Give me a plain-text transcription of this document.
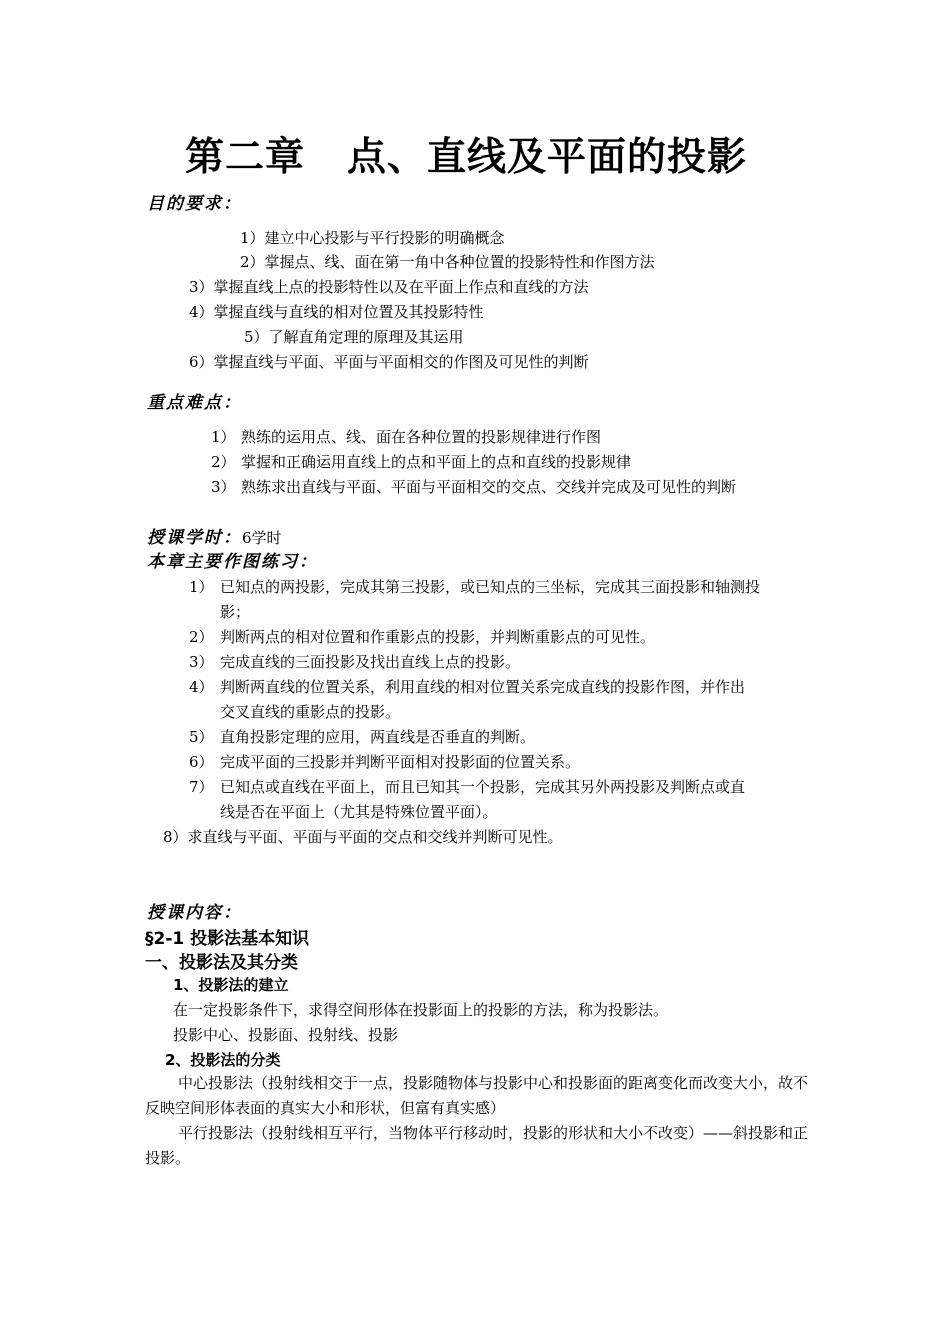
第二章 点、直线及平面的投影
目的要求：
1）建立中心投影与平行投影的明确概念
2）掌握点、线、面在第一角中各种位置的投影特性和作图方法
3）掌握直线上点的投影特性以及在平面上作点和直线的方法
4）掌握直线与直线的相对位置及其投影特性
5）了解直角定理的原理及其运用
6）掌握直线与平面、平面与平面相交的作图及可见性的判断
重点难点：
1） 熟练的运用点、线、面在各种位置的投影规律进行作图
2） 掌握和正确运用直线上的点和平面上的点和直线的投影规律
3） 熟练求出直线与平面、平面与平面相交的交点、交线并完成及可见性的判断
授课学时：6学时
本章主要作图练习：
1） 已知点的两投影，完成其第三投影，或已知点的三坐标，完成其三面投影和轴测投
影；
2） 判断两点的相对位置和作重影点的投影，并判断重影点的可见性。
3） 完成直线的三面投影及找出直线上点的投影。
4） 判断两直线的位置关系，利用直线的相对位置关系完成直线的投影作图，并作出
交叉直线的重影点的投影。
5） 直角投影定理的应用，两直线是否垂直的判断。
6） 完成平面的三投影并判断平面相对投影面的位置关系。
7） 已知点或直线在平面上，而且已知其一个投影，完成其另外两投影及判断点或直
线是否在平面上（尤其是特殊位置平面）。
8）求直线与平面、平面与平面的交点和交线并判断可见性。
授课内容：
§2-1 投影法基本知识
一、投影法及其分类
1、投影法的建立
在一定投影条件下，求得空间形体在投影面上的投影的方法，称为投影法。
投影中心、投影面、投射线、投影
2、投影法的分类
中心投影法（投射线相交于一点，投影随物体与投影中心和投影面的距离变化而改变大小，故不反映空间形体表面的真实大小和形状，但富有真实感）
平行投影法（投射线相互平行，当物体平行移动时，投影的形状和大小不改变）——斜投影和正投影。
